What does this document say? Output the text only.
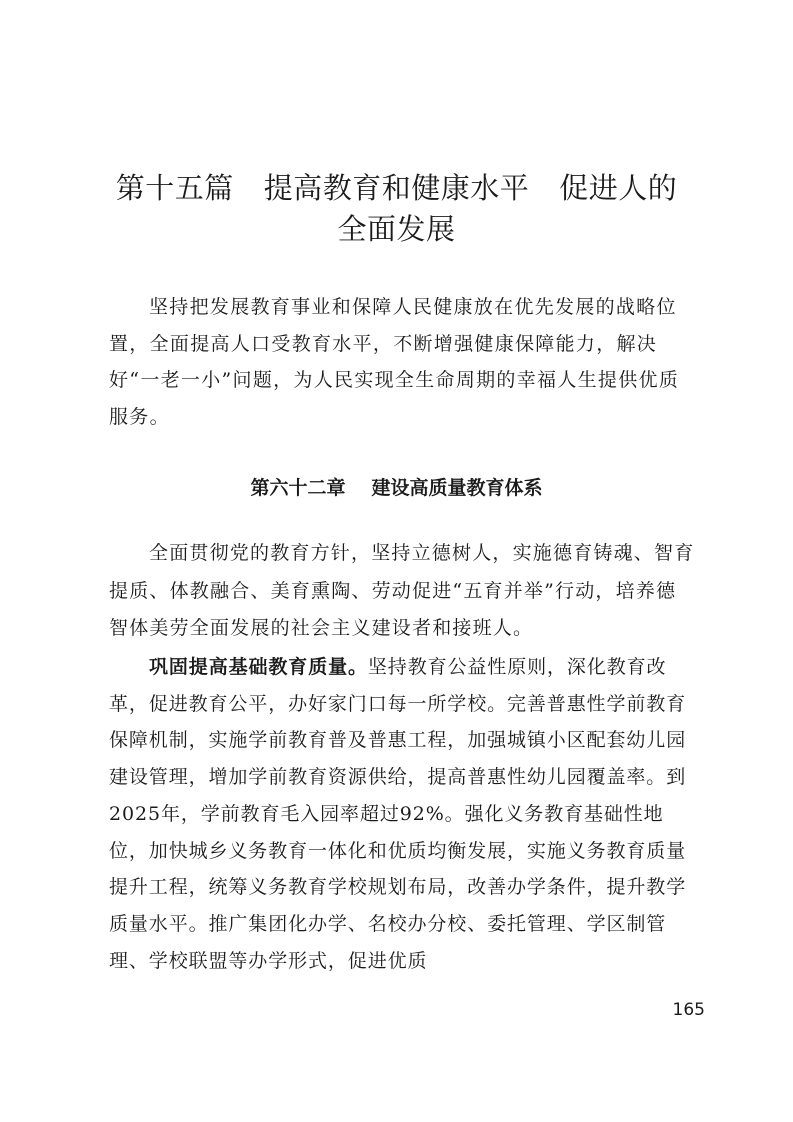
第十五篇 提高教育和健康水平 促进人的
全面发展

坚持把发展教育事业和保障人民健康放在优先发展的战略位置，全面提高人口受教育水平，不断增强健康保障能力，解决好“一老一小”问题，为人民实现全生命周期的幸福人生提供优质服务。

第六十二章 建设高质量教育体系

全面贯彻党的教育方针，坚持立德树人，实施德育铸魂、智育提质、体教融合、美育熏陶、劳动促进“五育并举”行动，培养德智体美劳全面发展的社会主义建设者和接班人。

巩固提高基础教育质量。坚持教育公益性原则，深化教育改革，促进教育公平，办好家门口每一所学校。完善普惠性学前教育保障机制，实施学前教育普及普惠工程，加强城镇小区配套幼儿园建设管理，增加学前教育资源供给，提高普惠性幼儿园覆盖率。到2025年，学前教育毛入园率超过92%。强化义务教育基础性地位，加快城乡义务教育一体化和优质均衡发展，实施义务教育质量提升工程，统筹义务教育学校规划布局，改善办学条件，提升教学质量水平。推广集团化办学、名校办分校、委托管理、学区制管理、学校联盟等办学形式，促进优质

165
